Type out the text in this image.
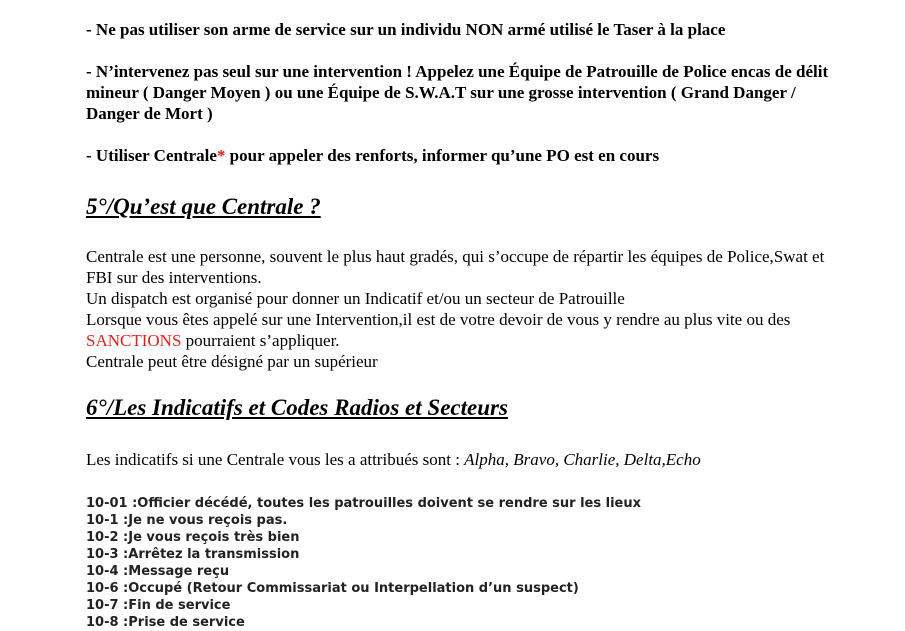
- Ne pas utiliser son arme de service sur un individu NON armé utilisé le Taser à la place

- N’intervenez pas seul sur une intervention ! Appelez une Équipe de Patrouille de Police encas de délit mineur ( Danger Moyen ) ou une Équipe de S.W.A.T sur une grosse intervention ( Grand Danger / Danger de Mort )

- Utiliser Centrale* pour appeler des renforts, informer qu’une PO est en cours

5°/Qu’est que Centrale ?
Centrale est une personne, souvent le plus haut gradés, qui s’occupe de répartir les équipes de Police,Swat et FBI sur des interventions.
Un dispatch est organisé pour donner un Indicatif et/ou un secteur de Patrouille
Lorsque vous êtes appelé sur une Intervention,il est de votre devoir de vous y rendre au plus vite ou des SANCTIONS pourraient s’appliquer.
Centrale peut être désigné par un supérieur
6°/Les Indicatifs et Codes Radios et Secteurs

Les indicatifs si une Centrale vous les a attribués sont : Alpha, Bravo, Charlie, Delta,Echo

10-01 :Officier décédé, toutes les patrouilles doivent se rendre sur les lieux
10-1 :Je ne vous reçois pas.
10-2 :Je vous reçois très bien
10-3 :Arrêtez la transmission
10-4 :Message reçu
10-6 :Occupé (Retour Commissariat ou Interpellation d’un suspect)
10-7 :Fin de service
10-8 :Prise de service
